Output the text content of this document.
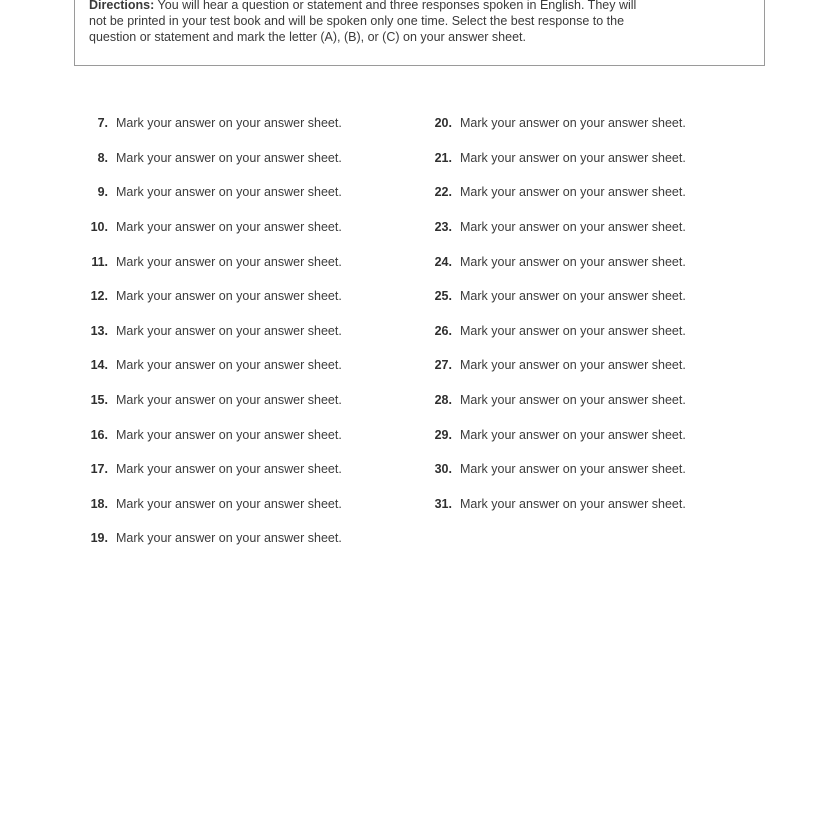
Directions: You will hear a question or statement and three responses spoken in English. They will
not be printed in your test book and will be spoken only one time. Select the best response to the
question or statement and mark the letter (A), (B), or (C) on your answer sheet.
7. Mark your answer on your answer sheet.
8. Mark your answer on your answer sheet.
9. Mark your answer on your answer sheet.
10. Mark your answer on your answer sheet.
11. Mark your answer on your answer sheet.
12. Mark your answer on your answer sheet.
13. Mark your answer on your answer sheet.
14. Mark your answer on your answer sheet.
15. Mark your answer on your answer sheet.
16. Mark your answer on your answer sheet.
17. Mark your answer on your answer sheet.
18. Mark your answer on your answer sheet.
19. Mark your answer on your answer sheet.
20. Mark your answer on your answer sheet.
21. Mark your answer on your answer sheet.
22. Mark your answer on your answer sheet.
23. Mark your answer on your answer sheet.
24. Mark your answer on your answer sheet.
25. Mark your answer on your answer sheet.
26. Mark your answer on your answer sheet.
27. Mark your answer on your answer sheet.
28. Mark your answer on your answer sheet.
29. Mark your answer on your answer sheet.
30. Mark your answer on your answer sheet.
31. Mark your answer on your answer sheet.
